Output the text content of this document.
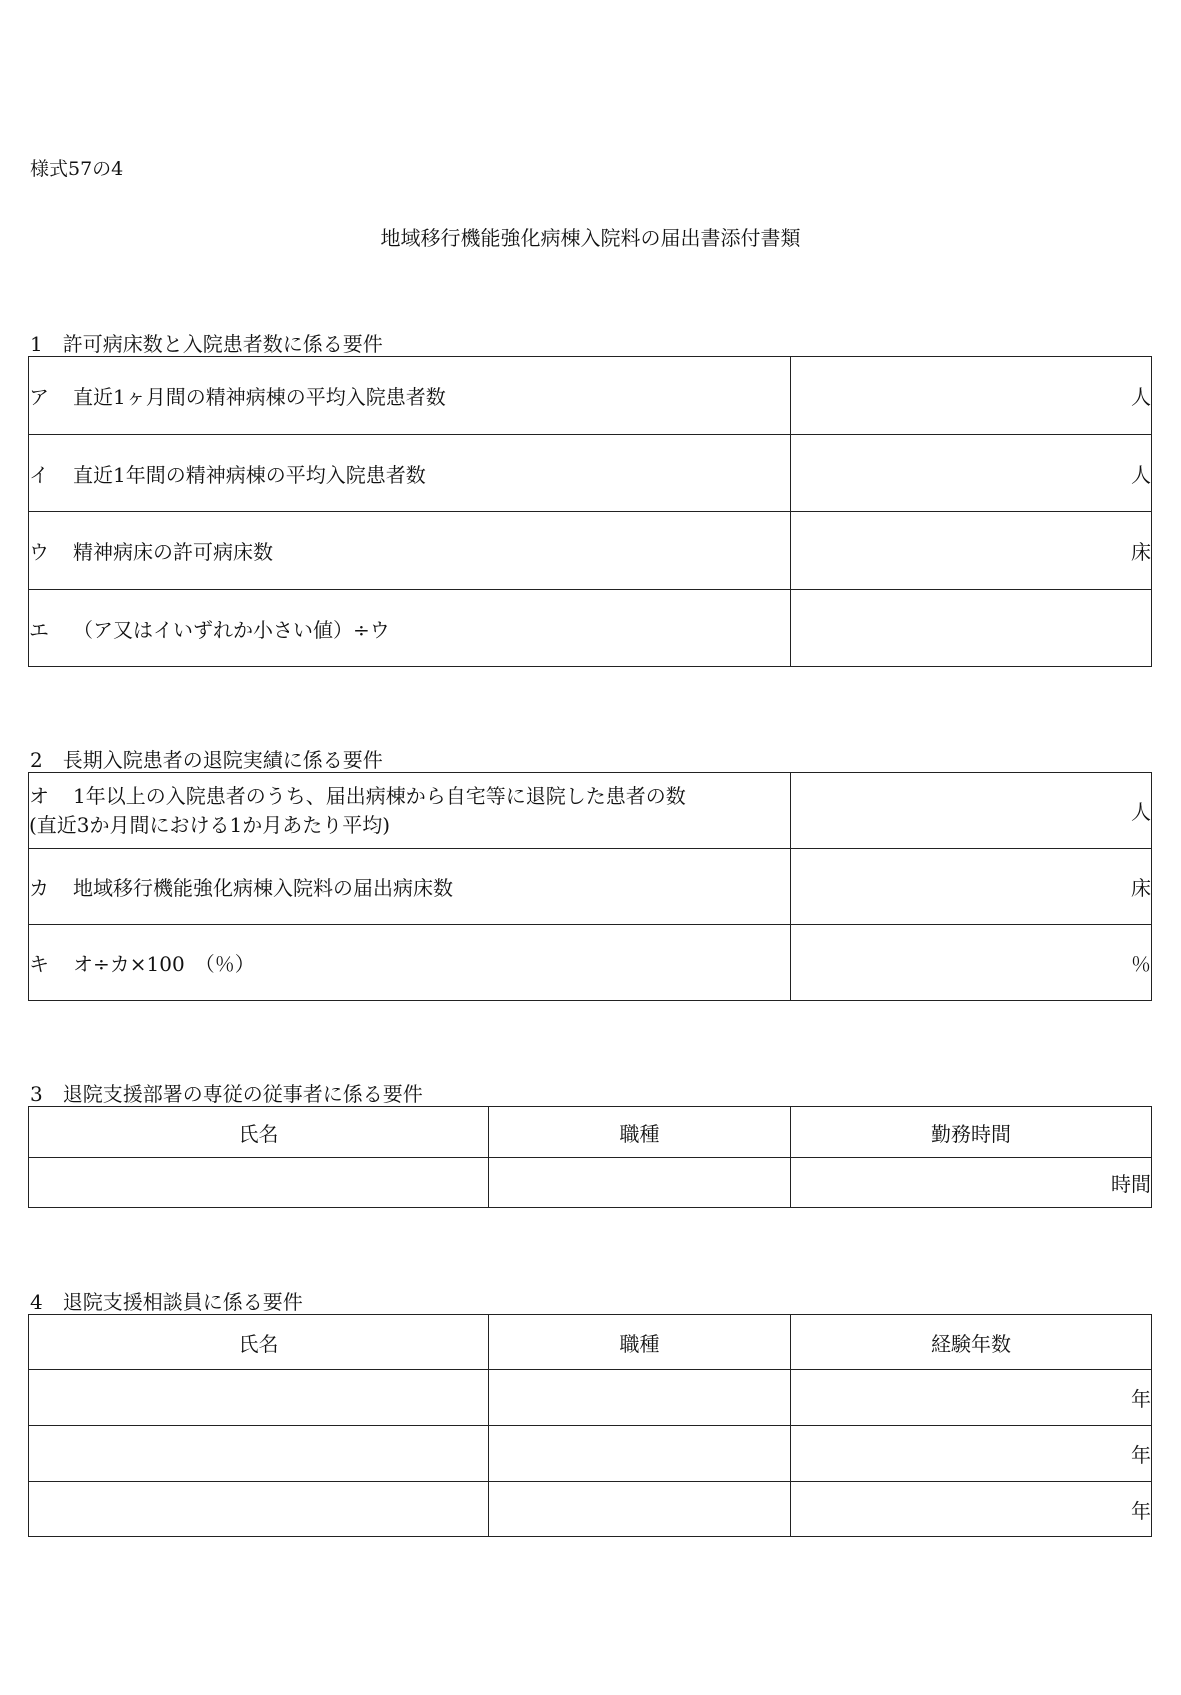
様式57の4
地域移行機能強化病棟入院料の届出書添付書類
1　許可病床数と入院患者数に係る要件
ア 直近1ヶ月間の精神病棟の平均入院患者数	人
イ 直近1年間の精神病棟の平均入院患者数	人
ウ 精神病床の許可病床数	床
エ （ア又はイいずれか小さい値）÷ウ	
2　長期入院患者の退院実績に係る要件
オ 1年以上の入院患者のうち、届出病棟から自宅等に退院した患者の数
(直近3か月間における1か月あたり平均)	人
カ 地域移行機能強化病棟入院料の届出病床数	床
キ オ÷カ×100　（％）	％
3　退院支援部署の専従の従事者に係る要件
氏名	職種	勤務時間
		時間
4　退院支援相談員に係る要件
氏名	職種	経験年数
		年
		年
		年
